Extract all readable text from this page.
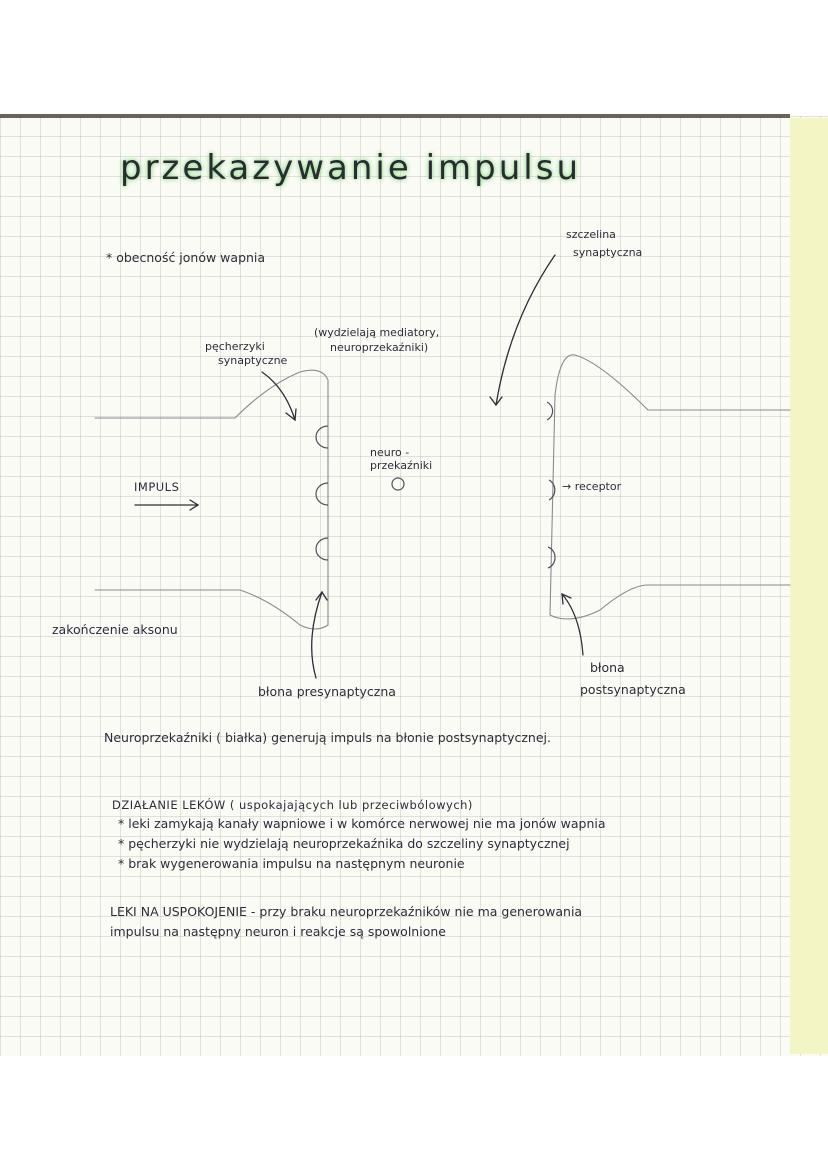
przekazywanie impulsu
* obecność jonów wapnia
szczelina
synaptyczna
(wydzielają mediatory,
neuroprzekaźniki)
pęcherzyki
synaptyczne
neuro -
przekaźniki
IMPULS	→ receptor
zakończenie aksonu
błona presynaptyczna
błona
postsynaptyczna
Neuroprzekaźniki ( białka) generują impuls na błonie postsynaptycznej.
DZIAŁANIE LEKÓW ( uspokajających lub przeciwbólowych)
* leki zamykają kanały wapniowe i w komórce nerwowej nie ma jonów wapnia
* pęcherzyki nie wydzielają neuroprzekaźnika do szczeliny synaptycznej
* brak wygenerowania impulsu na następnym neuronie
LEKI NA USPOKOJENIE - przy braku neuroprzekaźników nie ma generowania
impulsu na następny neuron i reakcje są spowolnione
